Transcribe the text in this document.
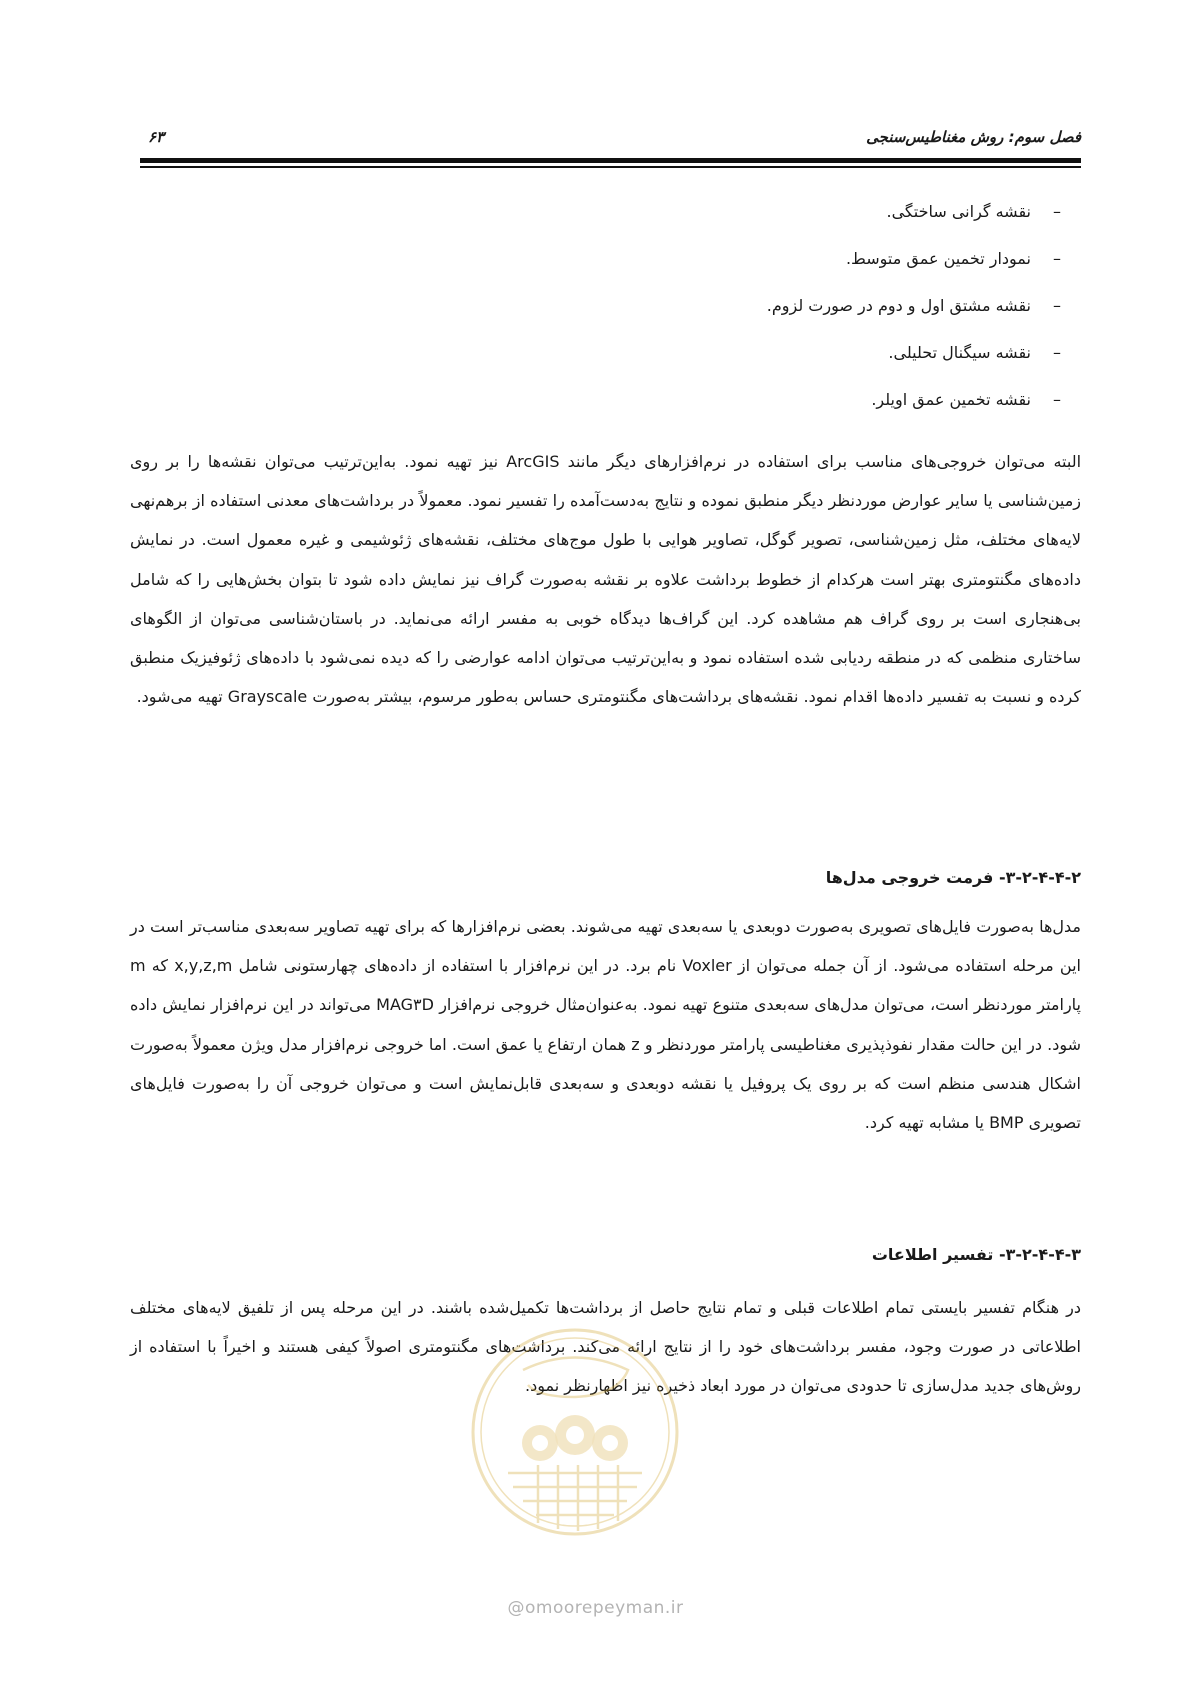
فصل سوم: روش مغناطیس‌سنجی
۶۳
–نقشه گرانی ساختگی.
–نمودار تخمین عمق متوسط.
–نقشه مشتق اول و دوم در صورت لزوم.
–نقشه سیگنال تحلیلی.
–نقشه تخمین عمق اویلر.

البته می‌توان خروجی‌های مناسب برای استفاده در نرم‌افزارهای دیگر مانند ArcGIS نیز تهیه نمود. به‌این‌ترتیب می‌توان نقشه‌ها را بر روی زمین‌شناسی یا سایر عوارض موردنظر دیگر منطبق نموده و نتایج به‌دست‌آمده را تفسیر نمود. معمولاً در برداشت‌های معدنی استفاده از برهم‌نهی لایه‌های مختلف، مثل زمین‌شناسی، تصویر گوگل، تصاویر هوایی با طول موج‌های مختلف، نقشه‌های ژئوشیمی و غیره معمول است. در نمایش داده‌های مگنتومتری بهتر است هرکدام از خطوط برداشت علاوه بر نقشه به‌صورت گراف نیز نمایش داده شود تا بتوان بخش‌هایی را که شامل بی‌هنجاری است بر روی گراف هم مشاهده کرد. این گراف‌ها دیدگاه خوبی به مفسر ارائه می‌نماید. در باستان‌شناسی می‌توان از الگوهای ساختاری منظمی که در منطقه ردیابی شده استفاده نمود و به‌این‌ترتیب می‌توان ادامه عوارضی را که دیده نمی‌شود با داده‌های ژئوفیزیک منطبق کرده و نسبت به تفسیر داده‌ها اقدام نمود. نقشه‌های برداشت‌های مگنتومتری حساس به‌طور مرسوم، بیشتر به‌صورت Grayscale تهیه می‌شود.

۳-۲-۴-۴-۲- فرمت خروجی مدل‌ها

مدل‌ها به‌صورت فایل‌های تصویری به‌صورت دوبعدی یا سه‌بعدی تهیه می‌شوند. بعضی نرم‌افزارها که برای تهیه تصاویر سه‌بعدی مناسب‌تر است در این مرحله استفاده می‌شود. از آن جمله می‌توان از Voxler نام برد. در این نرم‌افزار با استفاده از داده‌های چهارستونی شامل x,y,z,m که m پارامتر موردنظر است، می‌توان مدل‌های سه‌بعدی متنوع تهیه نمود. به‌عنوان‌مثال خروجی نرم‌افزار MAG۳D می‌تواند در این نرم‌افزار نمایش داده شود. در این حالت مقدار نفوذپذیری مغناطیسی پارامتر موردنظر و z همان ارتفاع یا عمق است. اما خروجی نرم‌افزار مدل ویژن معمولاً به‌صورت اشکال هندسی منظم است که بر روی یک پروفیل یا نقشه دوبعدی و سه‌بعدی قابل‌نمایش است و می‌توان خروجی آن را به‌صورت فایل‌های تصویری BMP یا مشابه تهیه کرد.

۳-۲-۴-۴-۳- تفسیر اطلاعات

در هنگام تفسیر بایستی تمام اطلاعات قبلی و تمام نتایج حاصل از برداشت‌ها تکمیل‌شده باشند. در این مرحله پس از تلفیق لایه‌های مختلف اطلاعاتی در صورت وجود، مفسر برداشت‌های خود را از نتایج ارائه می‌کند. برداشت‌های مگنتومتری اصولاً کیفی هستند و اخیراً با استفاده از روش‌های جدید مدل‌سازی تا حدودی می‌توان در مورد ابعاد ذخیره نیز اظهارنظر نمود.

@omoorepeyman.ir
